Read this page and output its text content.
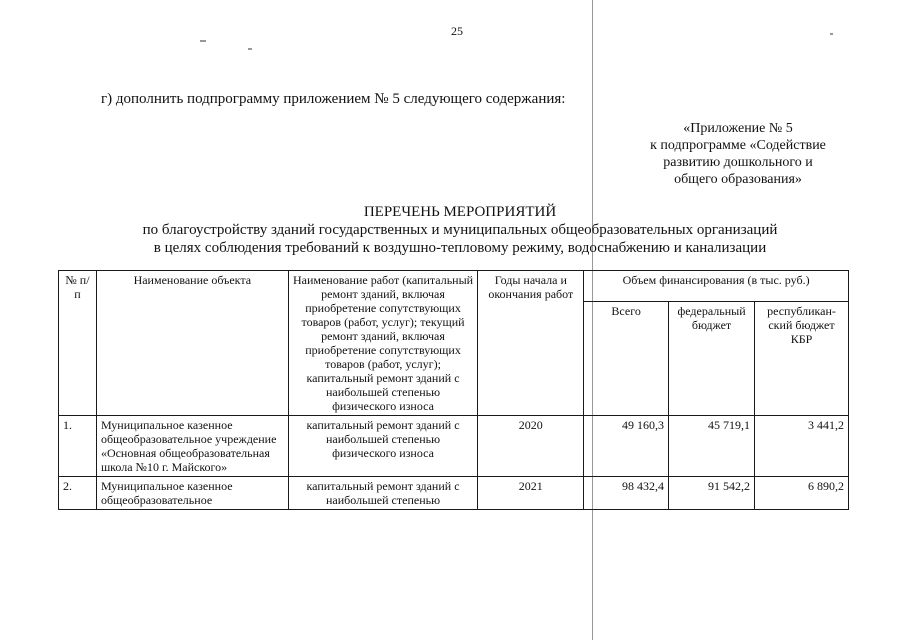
25
г) дополнить подпрограмму приложением № 5 следующего содержания:
«Приложение № 5
к подпрограмме «Содействие
развитию дошкольного и
общего образования»
ПЕРЕЧЕНЬ МЕРОПРИЯТИЙ
по благоустройству зданий государственных и муниципальных общеобразовательных организаций
в целях соблюдения требований к воздушно-тепловому режиму, водоснабжению и канализации
№ п/п	Наименование объекта	Наименование работ (капитальный ремонт зданий, включая приобретение сопутствующих товаров (работ, услуг); текущий ремонт зданий, включая приобретение сопутствующих товаров (работ, услуг); капитальный ремонт зданий с наибольшей степенью физического износа	Годы начала и окончания работ	Объем финансирования (в тыс. руб.)		
				Всего	федеральный бюджет	республикан-ский бюджет КБР
1.	Муниципальное казенное общеобразовательное учреждение «Основная общеобразовательная школа №10 г. Майского»	капитальный ремонт зданий с наибольшей степенью физического износа	2020	49 160,3	45 719,1	3 441,2
2.	Муниципальное казенное общеобразовательное	капитальный ремонт зданий с наибольшей степенью	2021	98 432,4	91 542,2	6 890,2
